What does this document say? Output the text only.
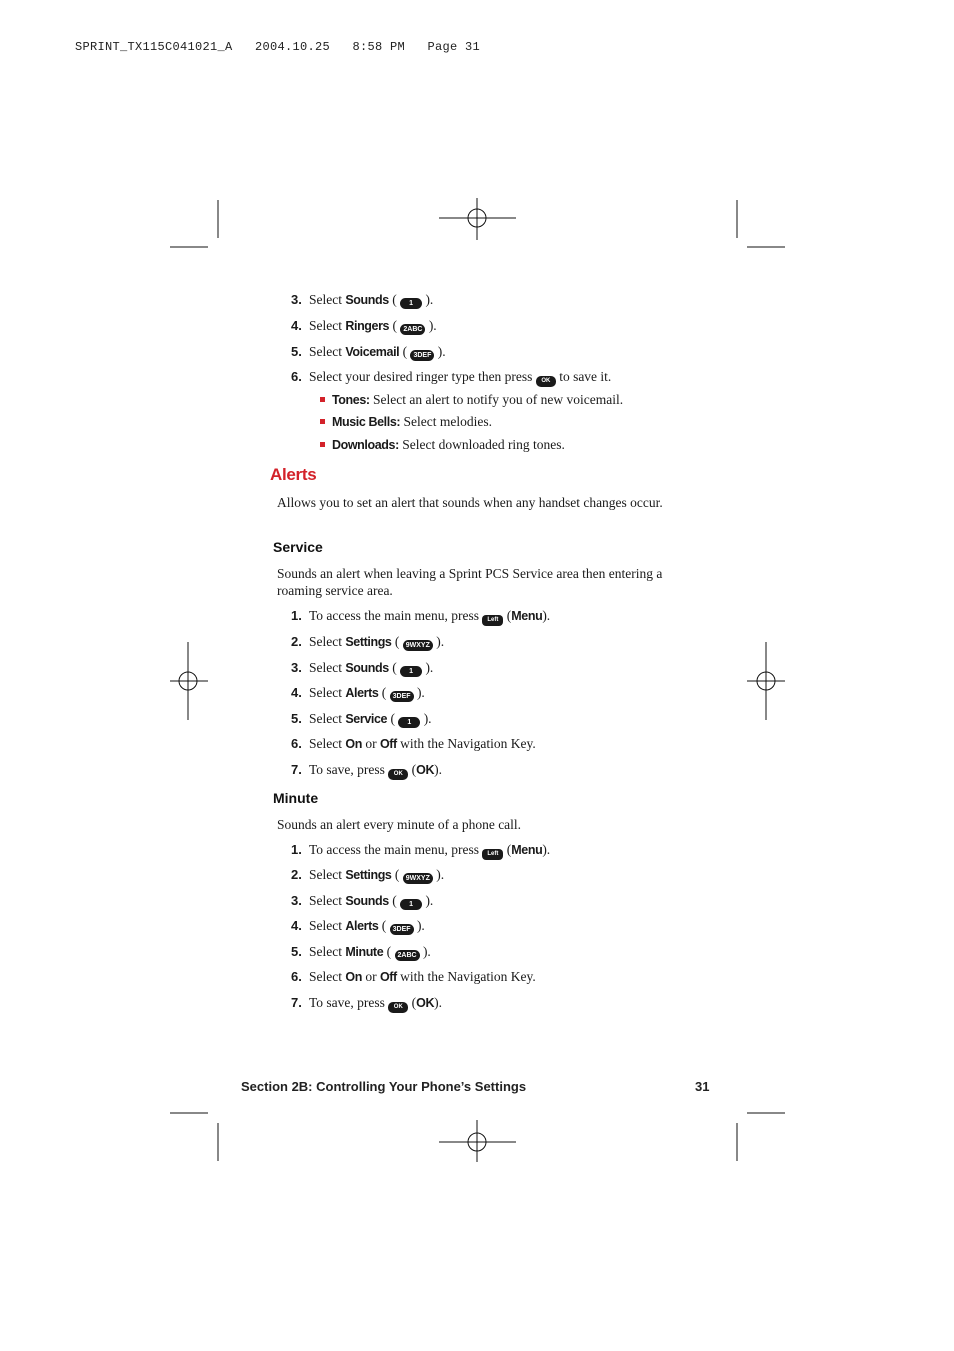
SPRINT_TX115C041021_A   2004.10.25   8:58 PM   Page 31
3. Select Sounds ( 1 ).
4. Select Ringers ( 2ABC ).
5. Select Voicemail ( 3DEF ).
6. Select your desired ringer type then press OK to save it.
Tones: Select an alert to notify you of new voicemail.
Music Bells: Select melodies.
Downloads: Select downloaded ring tones.
Alerts
Allows you to set an alert that sounds when any handset changes occur.
Service
Sounds an alert when leaving a Sprint PCS Service area then entering a roaming service area.
1. To access the main menu, press Left (Menu).
2. Select Settings ( 9WXYZ ).
3. Select Sounds ( 1 ).
4. Select Alerts ( 3DEF ).
5. Select Service ( 1 ).
6. Select On or Off with the Navigation Key.
7. To save, press OK (OK).
Minute
Sounds an alert every minute of a phone call.
1. To access the main menu, press Left (Menu).
2. Select Settings ( 9WXYZ ).
3. Select Sounds ( 1 ).
4. Select Alerts ( 3DEF ).
5. Select Minute ( 2ABC ).
6. Select On or Off with the Navigation Key.
7. To save, press OK (OK).
Section 2B: Controlling Your Phone’s Settings	31
